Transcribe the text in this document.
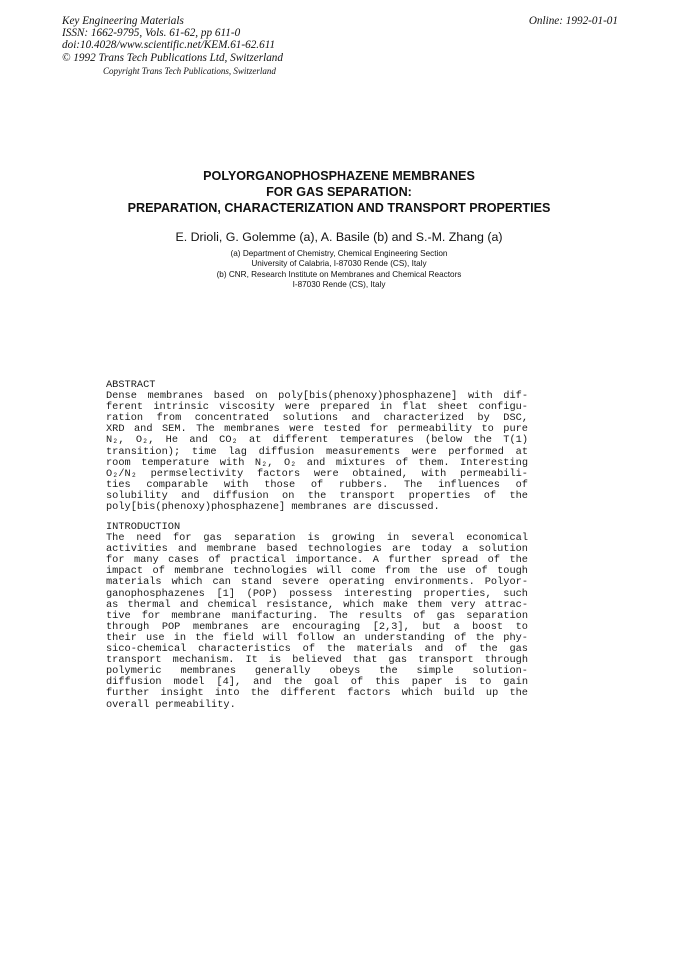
Key Engineering Materials
ISSN: 1662-9795, Vols. 61-62, pp 611-0
doi:10.4028/www.scientific.net/KEM.61-62.611
© 1992 Trans Tech Publications Ltd, Switzerland
Online: 1992-01-01
Copyright Trans Tech Publications, Switzerland
POLYORGANOPHOSPHAZENE MEMBRANES
FOR GAS SEPARATION:
PREPARATION, CHARACTERIZATION AND TRANSPORT PROPERTIES
E. Drioli, G. Golemme (a), A. Basile (b) and S.-M. Zhang (a)
(a) Department of Chemistry, Chemical Engineering Section
University of Calabria, I-87030 Rende (CS), Italy
(b) CNR, Research Institute on Membranes and Chemical Reactors
I-87030 Rende (CS), Italy
ABSTRACT
Dense membranes based on poly[bis(phenoxy)phosphazene] with dif-
ferent intrinsic viscosity were prepared in flat sheet configu-
ration from concentrated solutions and characterized by DSC,
XRD and SEM. The membranes were tested for permeability to pure
N₂, O₂, He and CO₂ at different temperatures (below the T(1)
transition); time lag diffusion measurements were performed at
room temperature with N₂, O₂ and mixtures of them. Interesting
O₂/N₂ permselectivity factors were obtained, with permeabili-
ties comparable with those of rubbers. The influences of
solubility and diffusion on the transport properties of the
poly[bis(phenoxy)phosphazene] membranes are discussed.
INTRODUCTION
The need for gas separation is growing in several economical
activities and membrane based technologies are today a solution
for many cases of practical importance. A further spread of the
impact of membrane technologies will come from the use of tough
materials which can stand severe operating environments. Polyor-
ganophosphazenes [1] (POP) possess interesting properties, such
as thermal and chemical resistance, which make them very attrac-
tive for membrane manifacturing. The results of gas separation
through POP membranes are encouraging [2,3], but a boost to
their use in the field will follow an understanding of the phy-
sico-chemical characteristics of the materials and of the gas
transport mechanism. It is believed that gas transport through
polymeric membranes generally obeys the simple solution-
diffusion model [4], and the goal of this paper is to gain
further insight into the different factors which build up the
overall permeability.
